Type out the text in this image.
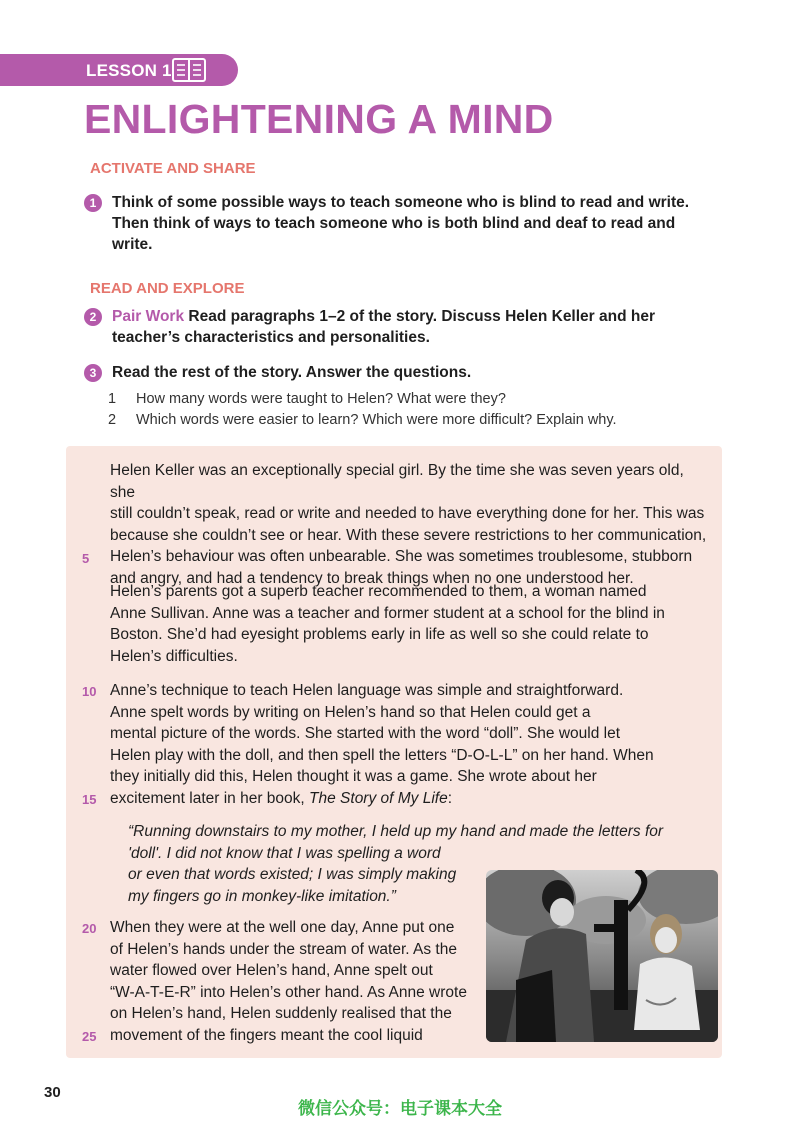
LESSON 1
ENLIGHTENING A MIND
ACTIVATE AND SHARE
1	Think of some possible ways to teach someone who is blind to read and write.
Then think of ways to teach someone who is both blind and deaf to read and
write.
READ AND EXPLORE
2	Pair Work Read paragraphs 1–2 of the story. Discuss Helen Keller and her
teacher’s characteristics and personalities.
3	Read the rest of the story. Answer the questions.
1 How many words were taught to Helen? What were they?
2 Which words were easier to learn? Which were more difficult? Explain why.
Helen Keller was an exceptionally special girl. By the time she was seven years old, she
still couldn’t speak, read or write and needed to have everything done for her. This was
because she couldn’t see or hear. With these severe restrictions to her communication,
Helen’s behaviour was often unbearable. She was sometimes troublesome, stubborn
and angry, and had a tendency to break things when no one understood her.
Helen’s parents got a superb teacher recommended to them, a woman named
Anne Sullivan. Anne was a teacher and former student at a school for the blind in
Boston. She’d had eyesight problems early in life as well so she could relate to
Helen’s difficulties.
Anne’s technique to teach Helen language was simple and straightforward.
Anne spelt words by writing on Helen’s hand so that Helen could get a
mental picture of the words. She started with the word “doll”. She would let
Helen play with the doll, and then spell the letters “D-O-L-L” on her hand. When
they initially did this, Helen thought it was a game. She wrote about her
excitement later in her book, The Story of My Life:
“Running downstairs to my mother, I held up my hand and made the letters for
'doll'. I did not know that I was spelling a word
or even that words existed; I was simply making
my fingers go in monkey-like imitation.”
When they were at the well one day, Anne put one
of Helen’s hands under the stream of water. As the
water flowed over Helen’s hand, Anne spelt out
“W-A-T-E-R” into Helen’s other hand. As Anne wrote
on Helen’s hand, Helen suddenly realised that the
movement of the fingers meant the cool liquid
5
10
15
20
25
30
微信公众号：电子课本大全
